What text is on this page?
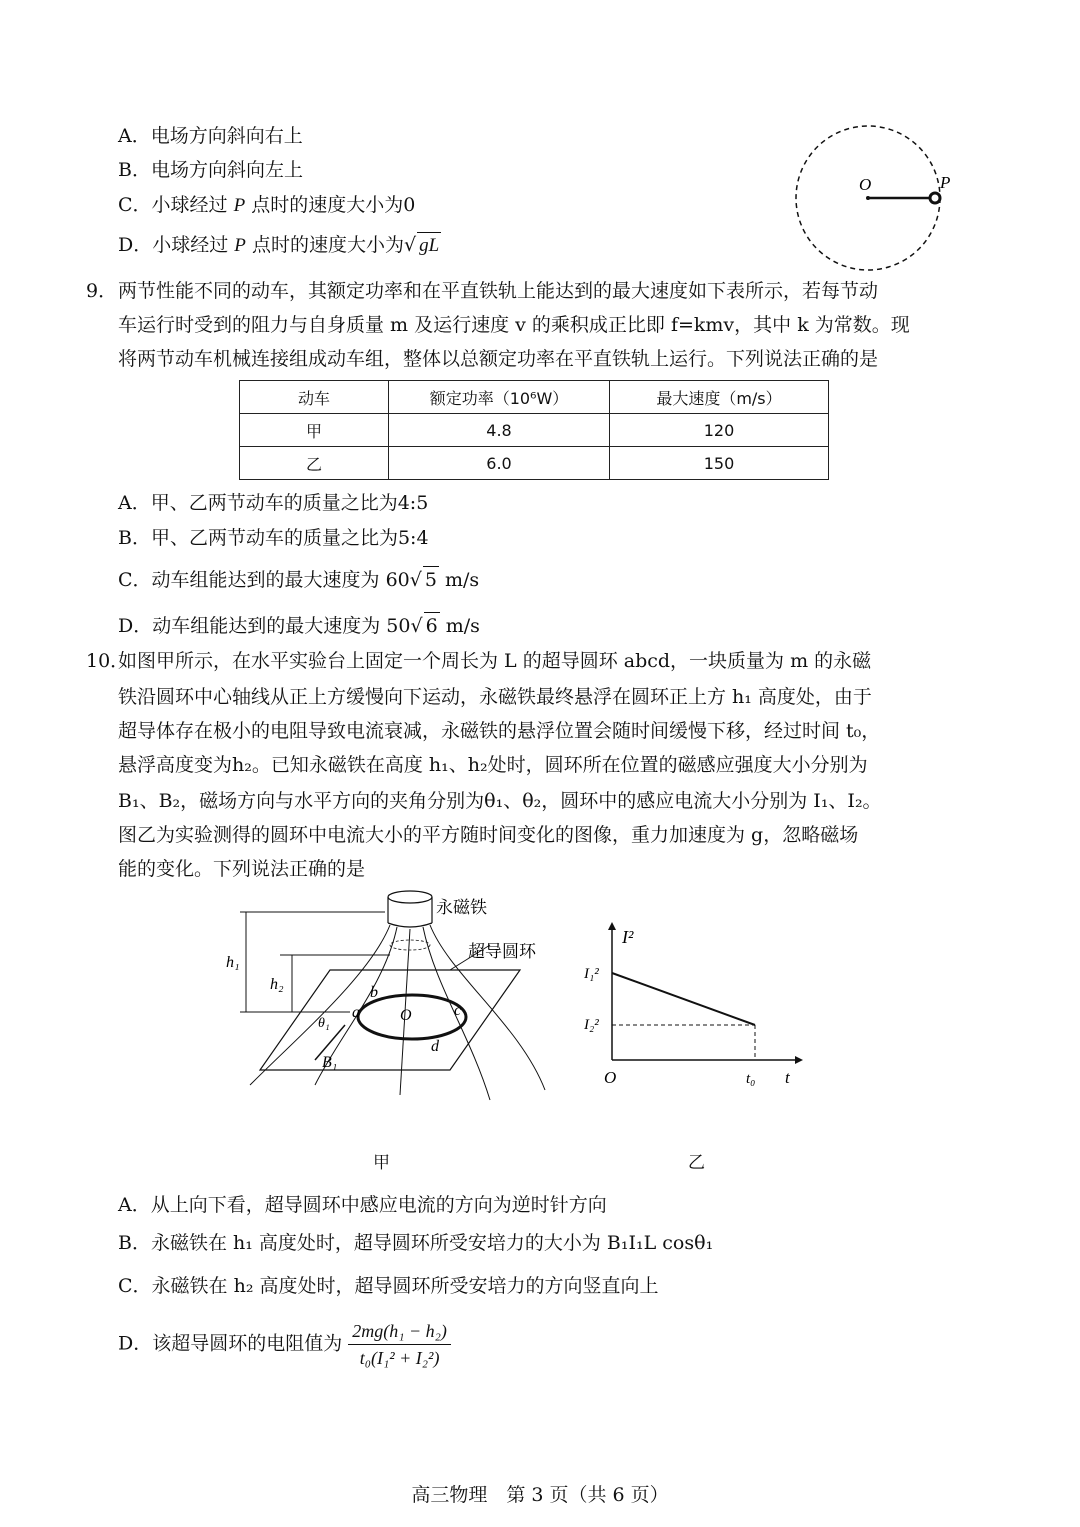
A．电场方向斜向右上
B．电场方向斜向左上
C．小球经过 P 点时的速度大小为0
D．小球经过 P 点时的速度大小为√ gL
O	P
9． 两节性能不同的动车，其额定功率和在平直铁轨上能达到的最大速度如下表所示，若每节动
车运行时受到的阻力与自身质量 m 及运行速度 v 的乘积成正比即 f=kmv，其中 k 为常数。现
将两节动车机械连接组成动车组，整体以总额定功率在平直铁轨上运行。下列说法正确的是
动车	额定功率（10⁶W）	最大速度（m/s）
甲	4.8	120
乙	6.0	150
A．甲、乙两节动车的质量之比为4:5
B．甲、乙两节动车的质量之比为5:4
C．动车组能达到的最大速度为 60√ 5 m/s
D．动车组能达到的最大速度为 50√ 6 m/s
10．
如图甲所示，在水平实验台上固定一个周长为 L 的超导圆环 abcd，一块质量为 m 的永磁
铁沿圆环中心轴线从正上方缓慢向下运动，永磁铁最终悬浮在圆环正上方 h₁ 高度处，由于
超导体存在极小的电阻导致电流衰减，永磁铁的悬浮位置会随时间缓慢下移，经过时间 t₀，
悬浮高度变为h₂。已知永磁铁在高度 h₁、h₂处时，圆环所在位置的磁感应强度大小分别为
B₁、B₂，磁场方向与水平方向的夹角分别为θ₁、θ₂，圆环中的感应电流大小分别为 I₁、I₂。
图乙为实验测得的圆环中电流大小的平方随时间变化的图像，重力加速度为 g，忽略磁场
能的变化。下列说法正确的是
h₁
h₂
永磁铁
超导圆环
a
b
c
d
O
θ₁
B₁
甲
I²
I₁²
I₂²
O	t₀ t
乙
A．从上向下看，超导圆环中感应电流的方向为逆时针方向
B．永磁铁在 h₁ 高度处时，超导圆环所受安培力的大小为 B₁I₁L cosθ₁
C．永磁铁在 h₂ 高度处时，超导圆环所受安培力的方向竖直向上
D．该超导圆环的电阻值为 $\frac{\text{2mg(h₁ − h₂)}}{\text{t₀(I₁² + I₂²)}}$
高三物理　第 3 页（共 6 页）
